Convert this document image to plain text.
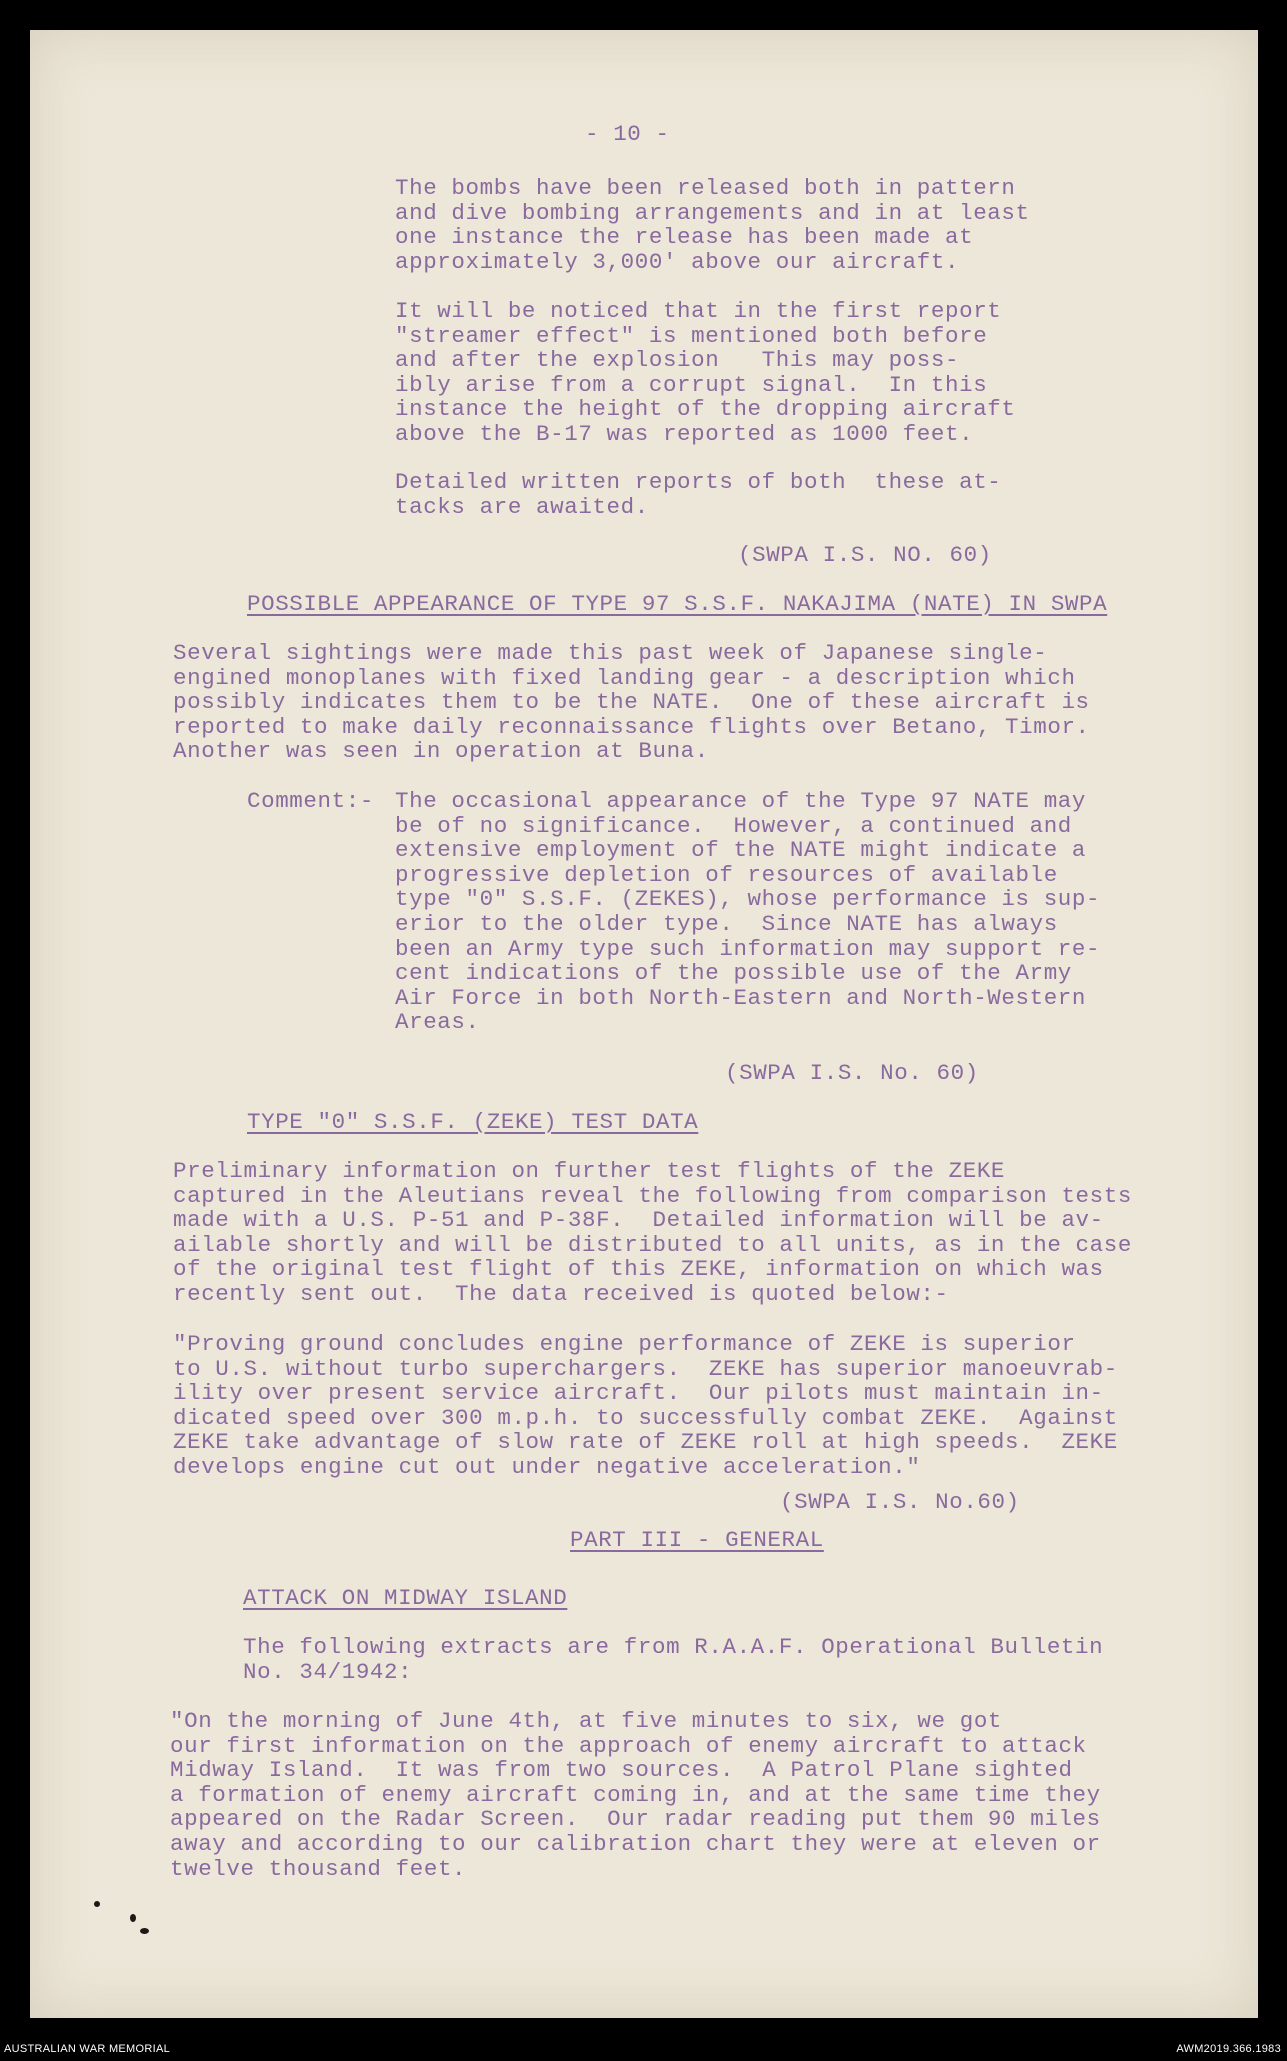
- 10 -
The bombs have been released both in pattern
and dive bombing arrangements and in at least
one instance the release has been made at
approximately 3,000' above our aircraft.
It will be noticed that in the first report
"streamer effect" is mentioned both before
and after the explosion   This may poss-
ibly arise from a corrupt signal.  In this
instance the height of the dropping aircraft
above the B-17 was reported as 1000 feet.
Detailed written reports of both  these at-
tacks are awaited.
(SWPA I.S. NO. 60)
POSSIBLE APPEARANCE OF TYPE 97 S.S.F. NAKAJIMA (NATE) IN SWPA
Several sightings were made this past week of Japanese single-
engined monoplanes with fixed landing gear - a description which
possibly indicates them to be the NATE.  One of these aircraft is
reported to make daily reconnaissance flights over Betano, Timor.
Another was seen in operation at Buna.
Comment:- The occasional appearance of the Type 97 NATE may
be of no significance.  However, a continued and
extensive employment of the NATE might indicate a
progressive depletion of resources of available
type "0" S.S.F. (ZEKES), whose performance is sup-
erior to the older type.  Since NATE has always
been an Army type such information may support re-
cent indications of the possible use of the Army
Air Force in both North-Eastern and North-Western
Areas.
(SWPA I.S. No. 60)
TYPE "0" S.S.F. (ZEKE) TEST DATA
Preliminary information on further test flights of the ZEKE
captured in the Aleutians reveal the following from comparison tests
made with a U.S. P-51 and P-38F.  Detailed information will be av-
ailable shortly and will be distributed to all units, as in the case
of the original test flight of this ZEKE, information on which was
recently sent out.  The data received is quoted below:-
"Proving ground concludes engine performance of ZEKE is superior
to U.S. without turbo superchargers.  ZEKE has superior manoeuvrab-
ility over present service aircraft.  Our pilots must maintain in-
dicated speed over 300 m.p.h. to successfully combat ZEKE.  Against
ZEKE take advantage of slow rate of ZEKE roll at high speeds.  ZEKE
develops engine cut out under negative acceleration."
(SWPA I.S. No.60)
PART III - GENERAL
ATTACK ON MIDWAY ISLAND
The following extracts are from R.A.A.F. Operational Bulletin
No. 34/1942:
"On the morning of June 4th, at five minutes to six, we got
our first information on the approach of enemy aircraft to attack
Midway Island.  It was from two sources.  A Patrol Plane sighted
a formation of enemy aircraft coming in, and at the same time they
appeared on the Radar Screen.  Our radar reading put them 90 miles
away and according to our calibration chart they were at eleven or
twelve thousand feet.
AUSTRALIAN WAR MEMORIAL	AWM2019.366.1983
